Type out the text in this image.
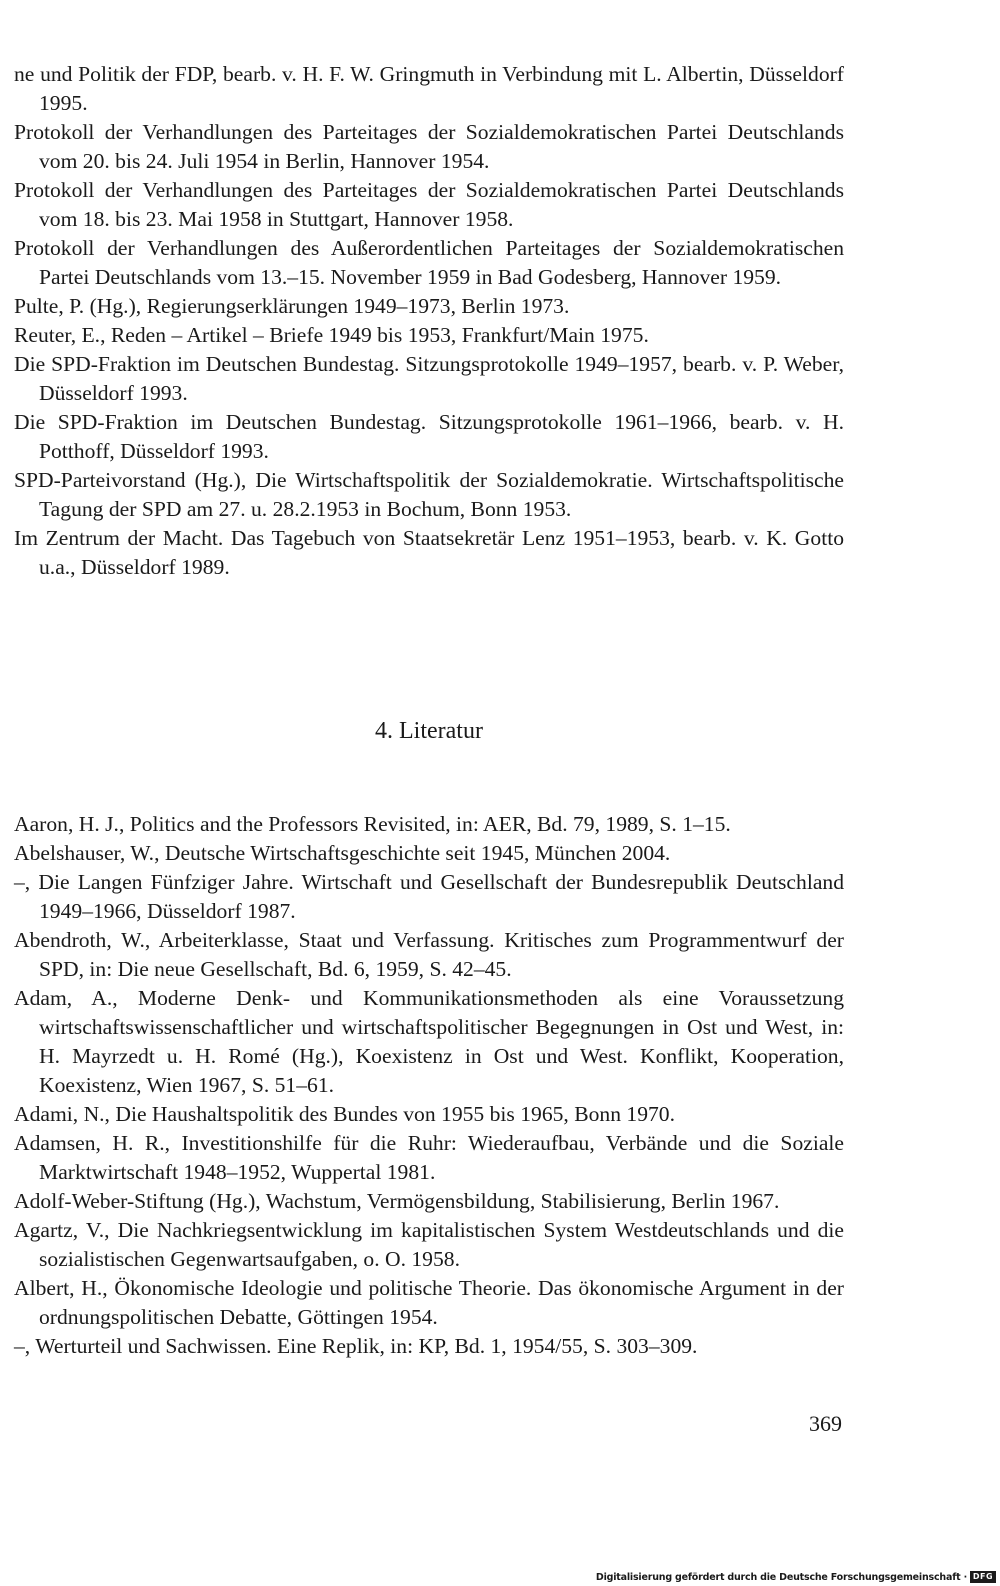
ne und Politik der FDP, bearb. v. H. F. W. Gringmuth in Verbindung mit L. Albertin, Düsseldorf 1995.

Protokoll der Verhandlungen des Parteitages der Sozialdemokratischen Partei Deutschlands vom 20. bis 24. Juli 1954 in Berlin, Hannover 1954.

Protokoll der Verhandlungen des Parteitages der Sozialdemokratischen Partei Deutschlands vom 18. bis 23. Mai 1958 in Stuttgart, Hannover 1958.

Protokoll der Verhandlungen des Außerordentlichen Parteitages der Sozialdemokratischen Partei Deutschlands vom 13.–15. November 1959 in Bad Godesberg, Hannover 1959.

Pulte, P. (Hg.), Regierungserklärungen 1949–1973, Berlin 1973.

Reuter, E., Reden – Artikel – Briefe 1949 bis 1953, Frankfurt/Main 1975.

Die SPD-Fraktion im Deutschen Bundestag. Sitzungsprotokolle 1949–1957, bearb. v. P. Weber, Düsseldorf 1993.

Die SPD-Fraktion im Deutschen Bundestag. Sitzungsprotokolle 1961–1966, bearb. v. H. Potthoff, Düsseldorf 1993.

SPD-Parteivorstand (Hg.), Die Wirtschaftspolitik der Sozialdemokratie. Wirtschaftspolitische Tagung der SPD am 27. u. 28.2.1953 in Bochum, Bonn 1953.

Im Zentrum der Macht. Das Tagebuch von Staatsekretär Lenz 1951–1953, bearb. v. K. Gotto u.a., Düsseldorf 1989.

4. Literatur

Aaron, H. J., Politics and the Professors Revisited, in: AER, Bd. 79, 1989, S. 1–15.

Abelshauser, W., Deutsche Wirtschaftsgeschichte seit 1945, München 2004.

–, Die Langen Fünfziger Jahre. Wirtschaft und Gesellschaft der Bundesrepublik Deutschland 1949–1966, Düsseldorf 1987.

Abendroth, W., Arbeiterklasse, Staat und Verfassung. Kritisches zum Programmentwurf der SPD, in: Die neue Gesellschaft, Bd. 6, 1959, S. 42–45.

Adam, A., Moderne Denk- und Kommunikationsmethoden als eine Voraussetzung wirtschaftswissenschaftlicher und wirtschaftspolitischer Begegnungen in Ost und West, in: H. Mayrzedt u. H. Romé (Hg.), Koexistenz in Ost und West. Konflikt, Kooperation, Koexistenz, Wien 1967, S. 51–61.

Adami, N., Die Haushaltspolitik des Bundes von 1955 bis 1965, Bonn 1970.

Adamsen, H. R., Investitionshilfe für die Ruhr: Wiederaufbau, Verbände und die Soziale Marktwirtschaft 1948–1952, Wuppertal 1981.

Adolf-Weber-Stiftung (Hg.), Wachstum, Vermögensbildung, Stabilisierung, Berlin 1967.

Agartz, V., Die Nachkriegsentwicklung im kapitalistischen System Westdeutschlands und die sozialistischen Gegenwartsaufgaben, o. O. 1958.

Albert, H., Ökonomische Ideologie und politische Theorie. Das ökonomische Argument in der ordnungspolitischen Debatte, Göttingen 1954.

–, Werturteil und Sachwissen. Eine Replik, in: KP, Bd. 1, 1954/55, S. 303–309.

369
Digitalisierung gefördert durch die Deutsche Forschungsgemeinschaft · DFG
